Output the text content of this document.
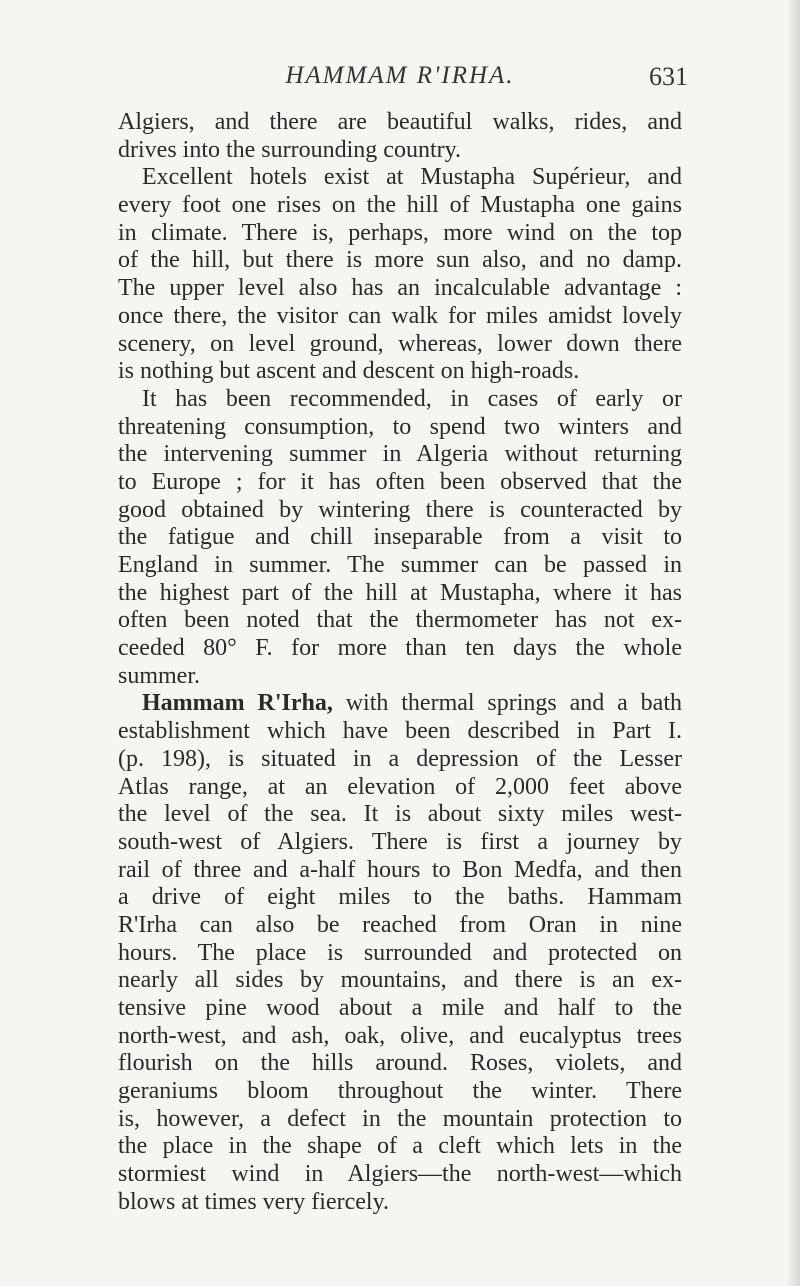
HAMMAM R'IRHA.	631
Algiers, and there are beautiful walks, rides, and
drives into the surrounding country.
Excellent hotels exist at Mustapha Supérieur, and
every foot one rises on the hill of Mustapha one gains
in climate. There is, perhaps, more wind on the top
of the hill, but there is more sun also, and no damp.
The upper level also has an incalculable advantage :
once there, the visitor can walk for miles amidst lovely
scenery, on level ground, whereas, lower down there
is nothing but ascent and descent on high-roads.
It has been recommended, in cases of early or
threatening consumption, to spend two winters and
the intervening summer in Algeria without returning
to Europe ; for it has often been observed that the
good obtained by wintering there is counteracted by
the fatigue and chill inseparable from a visit to
England in summer. The summer can be passed in
the highest part of the hill at Mustapha, where it has
often been noted that the thermometer has not ex-
ceeded 80° F. for more than ten days the whole
summer.
Hammam R'Irha, with thermal springs and a bath
establishment which have been described in Part I.
(p. 198), is situated in a depression of the Lesser
Atlas range, at an elevation of 2,000 feet above
the level of the sea. It is about sixty miles west-
south-west of Algiers. There is first a journey by
rail of three and a-half hours to Bon Medfa, and then
a drive of eight miles to the baths. Hammam
R'Irha can also be reached from Oran in nine
hours. The place is surrounded and protected on
nearly all sides by mountains, and there is an ex-
tensive pine wood about a mile and half to the
north-west, and ash, oak, olive, and eucalyptus trees
flourish on the hills around. Roses, violets, and
geraniums bloom throughout the winter. There
is, however, a defect in the mountain protection to
the place in the shape of a cleft which lets in the
stormiest wind in Algiers—the north-west—which
blows at times very fiercely.
